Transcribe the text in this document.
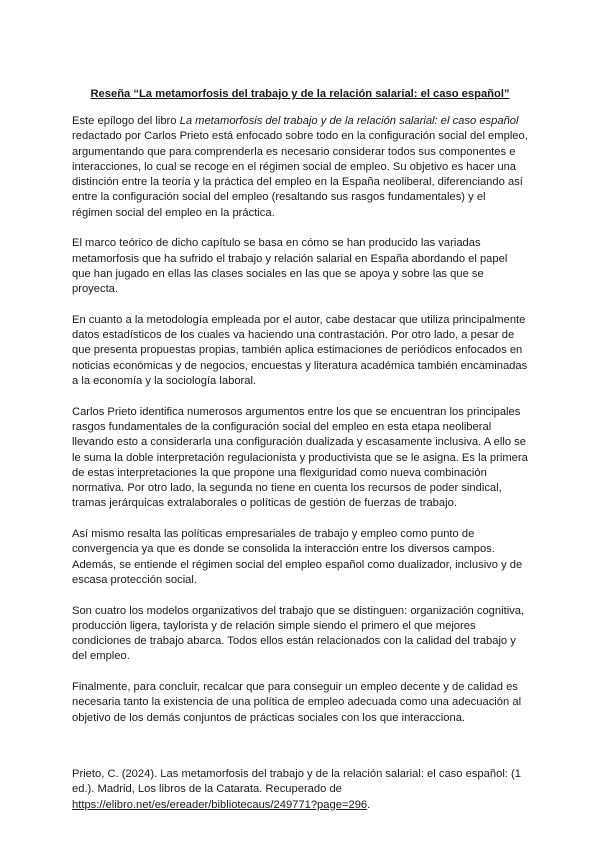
Reseña “La metamorfosis del trabajo y de la relación salarial: el caso español”

Este epílogo del libro La metamorfosis del trabajo y de la relación salarial: el caso español redactado por Carlos Prieto está enfocado sobre todo en la configuración social del empleo, argumentando que para comprenderla es necesario considerar todos sus componentes e interacciones, lo cual se recoge en el régimen social de empleo. Su objetivo es hacer una distinción entre la teoría y la práctica del empleo en la España neoliberal, diferenciando así entre la configuración social del empleo (resaltando sus rasgos fundamentales) y el régimen social del empleo en la práctica.

El marco teórico de dicho capítulo se basa en cómo se han producido las variadas metamorfosis que ha sufrido el trabajo y relación salarial en España abordando el papel que han jugado en ellas las clases sociales en las que se apoya y sobre las que se proyecta.

En cuanto a la metodología empleada por el autor, cabe destacar que utiliza principalmente datos estadísticos de los cuales va haciendo una contrastación. Por otro lado, a pesar de que presenta propuestas propias, también aplica estimaciones de periódicos enfocados en noticias económicas y de negocios, encuestas y literatura académica también encaminadas a la economía y la sociología laboral.

Carlos Prieto identifica numerosos argumentos entre los que se encuentran los principales rasgos fundamentales de la configuración social del empleo en esta etapa neoliberal llevando esto a considerarla una configuración dualizada y escasamente inclusiva. A ello se le suma la doble interpretación regulacionista y productivista que se le asigna. Es la primera de estas interpretaciones la que propone una flexiguridad como nueva combinación normativa. Por otro lado, la segunda no tiene en cuenta los recursos de poder sindical, tramas jerárquicas extralaborales o políticas de gestión de fuerzas de trabajo.

Así mismo resalta las políticas empresariales de trabajo y empleo como punto de convergencia ya que es donde se consolida la interacción entre los diversos campos. Además, se entiende el régimen social del empleo español como dualizador, inclusivo y de escasa protección social.

Son cuatro los modelos organizativos del trabajo que se distinguen: organización cognitiva, producción ligera, taylorista y de relación simple siendo el primero el que mejores condiciones de trabajo abarca. Todos ellos están relacionados con la calidad del trabajo y del empleo.

Finalmente, para concluir, recalcar que para conseguir un empleo decente y de calidad es necesaria tanto la existencia de una política de empleo adecuada como una adecuación al objetivo de los demás conjuntos de prácticas sociales con los que interacciona.

Prieto, C. (2024). Las metamorfosis del trabajo y de la relación salarial: el caso español: (1 ed.). Madrid, Los libros de la Catarata. Recuperado de https://elibro.net/es/ereader/bibliotecaus/249771?page=296.
